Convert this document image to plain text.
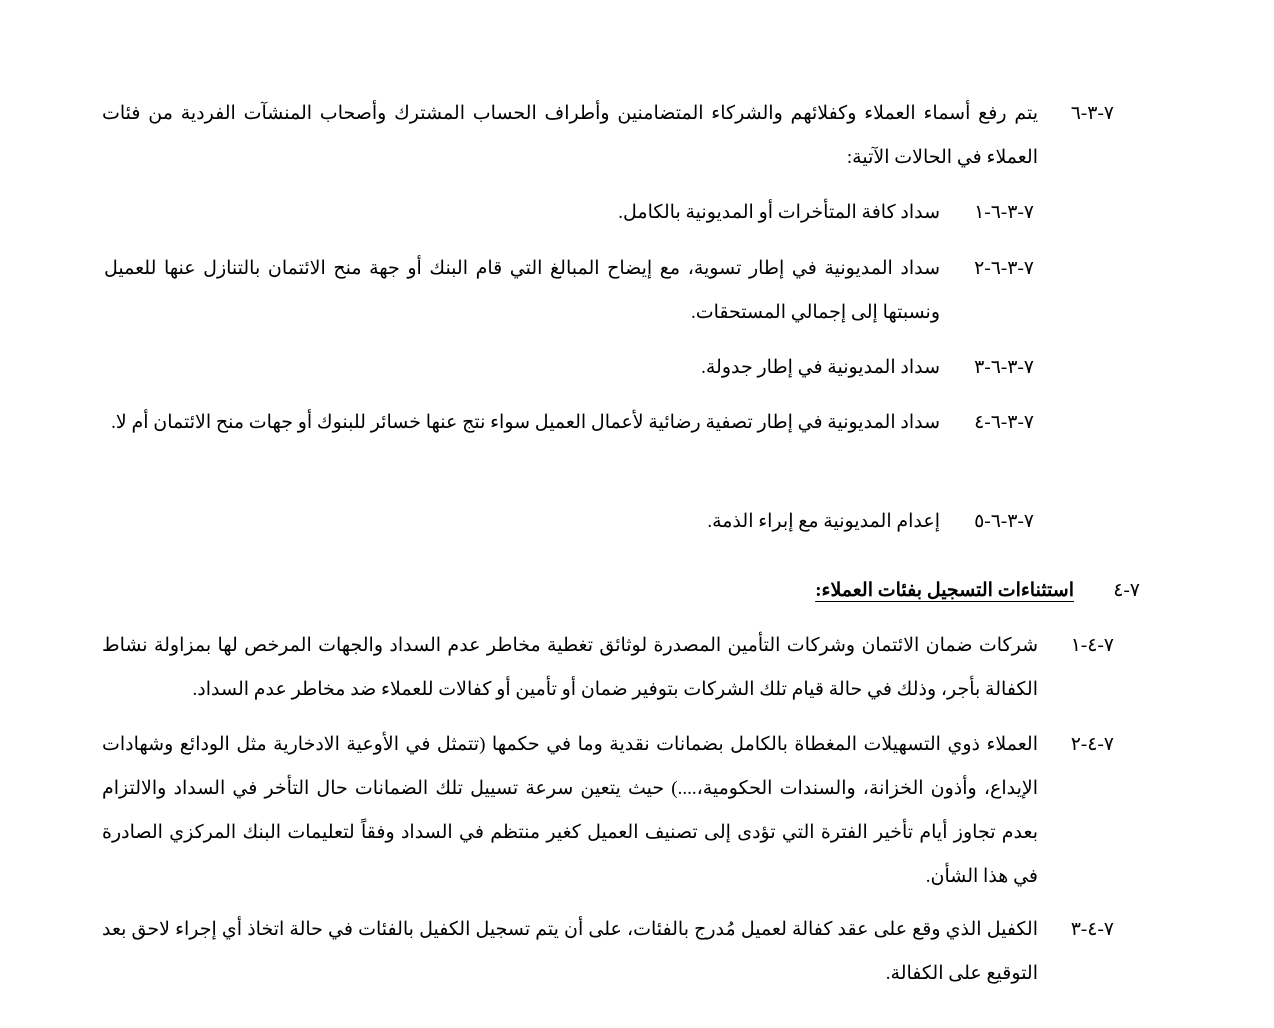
٧-٣-٦
يتم رفع أسماء العملاء وكفلائهم والشركاء المتضامنين وأطراف الحساب المشترك وأصحاب المنشآت الفردية من فئات العملاء في الحالات الآتية:
٧-٣-٦-١
سداد كافة المتأخرات أو المديونية بالكامل.
٧-٣-٦-٢
سداد المديونية في إطار تسوية، مع إيضاح المبالغ التي قام البنك أو جهة منح الائتمان بالتنازل عنها للعميل ونسبتها إلى إجمالي المستحقات.
٧-٣-٦-٣
سداد المديونية في إطار جدولة.
٧-٣-٦-٤
سداد المديونية في إطار تصفية رضائية لأعمال العميل سواء نتج عنها خسائر للبنوك أو جهات منح الائتمان أم لا.
٧-٣-٦-٥
إعدام المديونية مع إبراء الذمة.
٧-٤
استثناءات التسجيل بفئات العملاء:
٧-٤-١
شركات ضمان الائتمان وشركات التأمين المصدرة لوثائق تغطية مخاطر عدم السداد والجهات المرخص لها بمزاولة نشاط الكفالة بأجر، وذلك في حالة قيام تلك الشركات بتوفير ضمان أو تأمين أو كفالات للعملاء ضد مخاطر عدم السداد.
٧-٤-٢
العملاء ذوي التسهيلات المغطاة بالكامل بضمانات نقدية وما في حكمها (تتمثل في الأوعية الادخارية مثل الودائع وشهادات الإيداع، وأذون الخزانة، والسندات الحكومية،....) حيث يتعين سرعة تسييل تلك الضمانات حال التأخر في السداد والالتزام بعدم تجاوز أيام تأخير الفترة التي تؤدى إلى تصنيف العميل كغير منتظم في السداد وفقاً لتعليمات البنك المركزي الصادرة في هذا الشأن.
٧-٤-٣
الكفيل الذي وقع على عقد كفالة لعميل مُدرج بالفئات، على أن يتم تسجيل الكفيل بالفئات في حالة اتخاذ أي إجراء لاحق بعد التوقيع على الكفالة.
